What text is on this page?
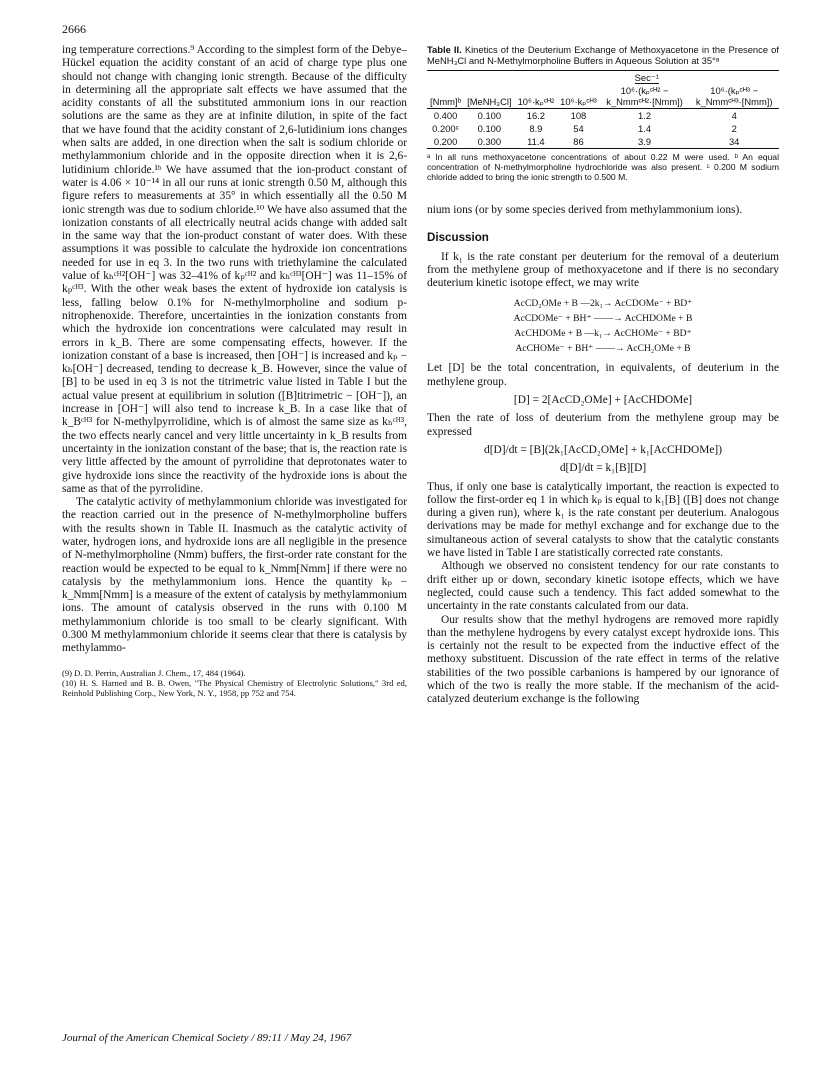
2666

ing temperature corrections.⁹ According to the simplest form of the Debye–Hückel equation the acidity constant of an acid of charge type plus one should not change with changing ionic strength. Because of the difficulty in determining all the appropriate salt effects we have assumed that the acidity constants of all the substituted ammonium ions in our reaction solutions are the same as they are at infinite dilution, in spite of the fact that we have found that the acidity constant of 2,6-lutidinium ions changes when salts are added, in one direction when the salt is sodium chloride or methylammonium chloride and in the opposite direction when it is 2,6-lutidinium chloride.¹ᵇ We have assumed that the ion-product constant of water is 4.06 × 10⁻¹⁴ in all our runs at ionic strength 0.50 M, although this figure refers to measurements at 35° in which essentially all the 0.50 M ionic strength was due to sodium chloride.¹⁰ We have also assumed that the ionization constants of all electrically neutral acids change with added salt in the same way that the ion-product constant of water does. With these assumptions it was possible to calculate the hydroxide ion concentrations needed for use in eq 3. In the two runs with triethylamine the calculated value of kₕᶜᴴ²[OH⁻] was 32–41% of kₚᶜᴴ² and kₕᶜᴴ³[OH⁻] was 11–15% of kₚᶜᴴ³. With the other weak bases the extent of hydroxide ion catalysis is less, falling below 0.1% for N-methylmorpholine and sodium p-nitrophenoxide. Therefore, uncertainties in the ionization constants from which the hydroxide ion concentrations were calculated may result in errors in k_B. There are some compensating effects, however. If the ionization constant of a base is increased, then [OH⁻] is increased and kₚ − kₕ[OH⁻] decreased, tending to decrease k_B. However, since the value of [B] to be used in eq 3 is not the titrimetric value listed in Table I but the actual value present at equilibrium in solution ([B]titrimetric − [OH⁻]), an increase in [OH⁻] will also tend to increase k_B. In a case like that of k_Bᶜᴴ³ for N-methylpyrrolidine, which is of almost the same size as kₕᶜᴴ³, the two effects nearly cancel and very little uncertainty in k_B results from uncertainty in the ionization constant of the base; that is, the reaction rate is very little affected by the amount of pyrrolidine that deprotonates water to give hydroxide ions since the reactivity of the hydroxide ions is about the same as that of the pyrrolidine.

The catalytic activity of methylammonium chloride was investigated for the reaction carried out in the presence of N-methylmorpholine buffers with the results shown in Table II. Inasmuch as the catalytic activity of water, hydrogen ions, and hydroxide ions are all negligible in the presence of N-methylmorpholine (Nmm) buffers, the first-order rate constant for the reaction would be expected to be equal to k_Nmm[Nmm] if there were no catalysis by the methylammonium ions. Hence the quantity kₚ − k_Nmm[Nmm] is a measure of the extent of catalysis by methylammonium ions. The amount of catalysis observed in the runs with 0.100 M methylammonium chloride is too small to be clearly significant. With 0.300 M methylammonium chloride it seems clear that there is catalysis by methylammo-

(9) D. D. Perrin, Australian J. Chem., 17, 484 (1964).
(10) H. S. Harned and B. B. Owen, "The Physical Chemistry of Electrolytic Solutions," 3rd ed, Reinhold Publishing Corp., New York, N. Y., 1958, pp 752 and 754.
Table II. Kinetics of the Deuterium Exchange of Methoxyacetone in the Presence of MeNH₃Cl and N-Methylmorpholine Buffers in Aqueous Solution at 35°ᵃ
		Sec⁻¹			
[Nmm]ᵇ	[MeNH₃Cl]	10⁶·kₚᶜᴴ²	10⁶·kₚᶜᴴ³	10⁶·(kₚᶜᴴ² − k_Nmmᶜᴴ²·[Nmm])	10⁶·(kₚᶜᴴ³ − k_Nmmᶜᴴ³·[Nmm])
0.400	0.100	16.2	108	1.2	4
0.200ᶜ	0.100	8.9	54	1.4	2
0.200	0.300	11.4	86	3.9	34
ᵃ In all runs methoxyacetone concentrations of about 0.22 M were used. ᵇ An equal concentration of N-methylmorpholine hydrochloride was also present. ᶜ 0.200 M sodium chloride added to bring the ionic strength to 0.500 M.

nium ions (or by some species derived from methylammonium ions).

Discussion

If k₁ is the rate constant per deuterium for the removal of a deuterium from the methylene group of methoxyacetone and if there is no secondary deuterium kinetic isotope effect, we may write

AcCD₂OMe + B —2k₁→ AcCDOMe⁻ + BD⁺
AcCDOMe⁻ + BH⁺ ——→ AcCHDOMe + B
AcCHDOMe + B —k₁→ AcCHOMe⁻ + BD⁺
AcCHOMe⁻ + BH⁺ ——→ AcCH₂OMe + B

Let [D] be the total concentration, in equivalents, of deuterium in the methylene group.

[D] = 2[AcCD₂OMe] + [AcCHDOMe]

Then the rate of loss of deuterium from the methylene group may be expressed

d[D]/dt = [B](2k₁[AcCD₂OMe] + k₁[AcCHDOMe])
d[D]/dt = k₁[B][D]

Thus, if only one base is catalytically important, the reaction is expected to follow the first-order eq 1 in which kₚ is equal to k₁[B] ([B] does not change during a given run), where k₁ is the rate constant per deuterium. Analogous derivations may be made for methyl exchange and for exchange due to the simultaneous action of several catalysts to show that the catalytic constants we have listed in Table I are statistically corrected rate constants.

Although we observed no consistent tendency for our rate constants to drift either up or down, secondary kinetic isotope effects, which we have neglected, could cause such a tendency. This fact added somewhat to the uncertainty in the rate constants calculated from our data.

Our results show that the methyl hydrogens are removed more rapidly than the methylene hydrogens by every catalyst except hydroxide ions. This is certainly not the result to be expected from the inductive effect of the methoxy substituent. Discussion of the rate effect in terms of the relative stabilities of the two possible carbanions is hampered by our ignorance of which of the two is really the more stable. If the mechanism of the acid-catalyzed deuterium exchange is the following

Journal of the American Chemical Society / 89:11 / May 24, 1967
